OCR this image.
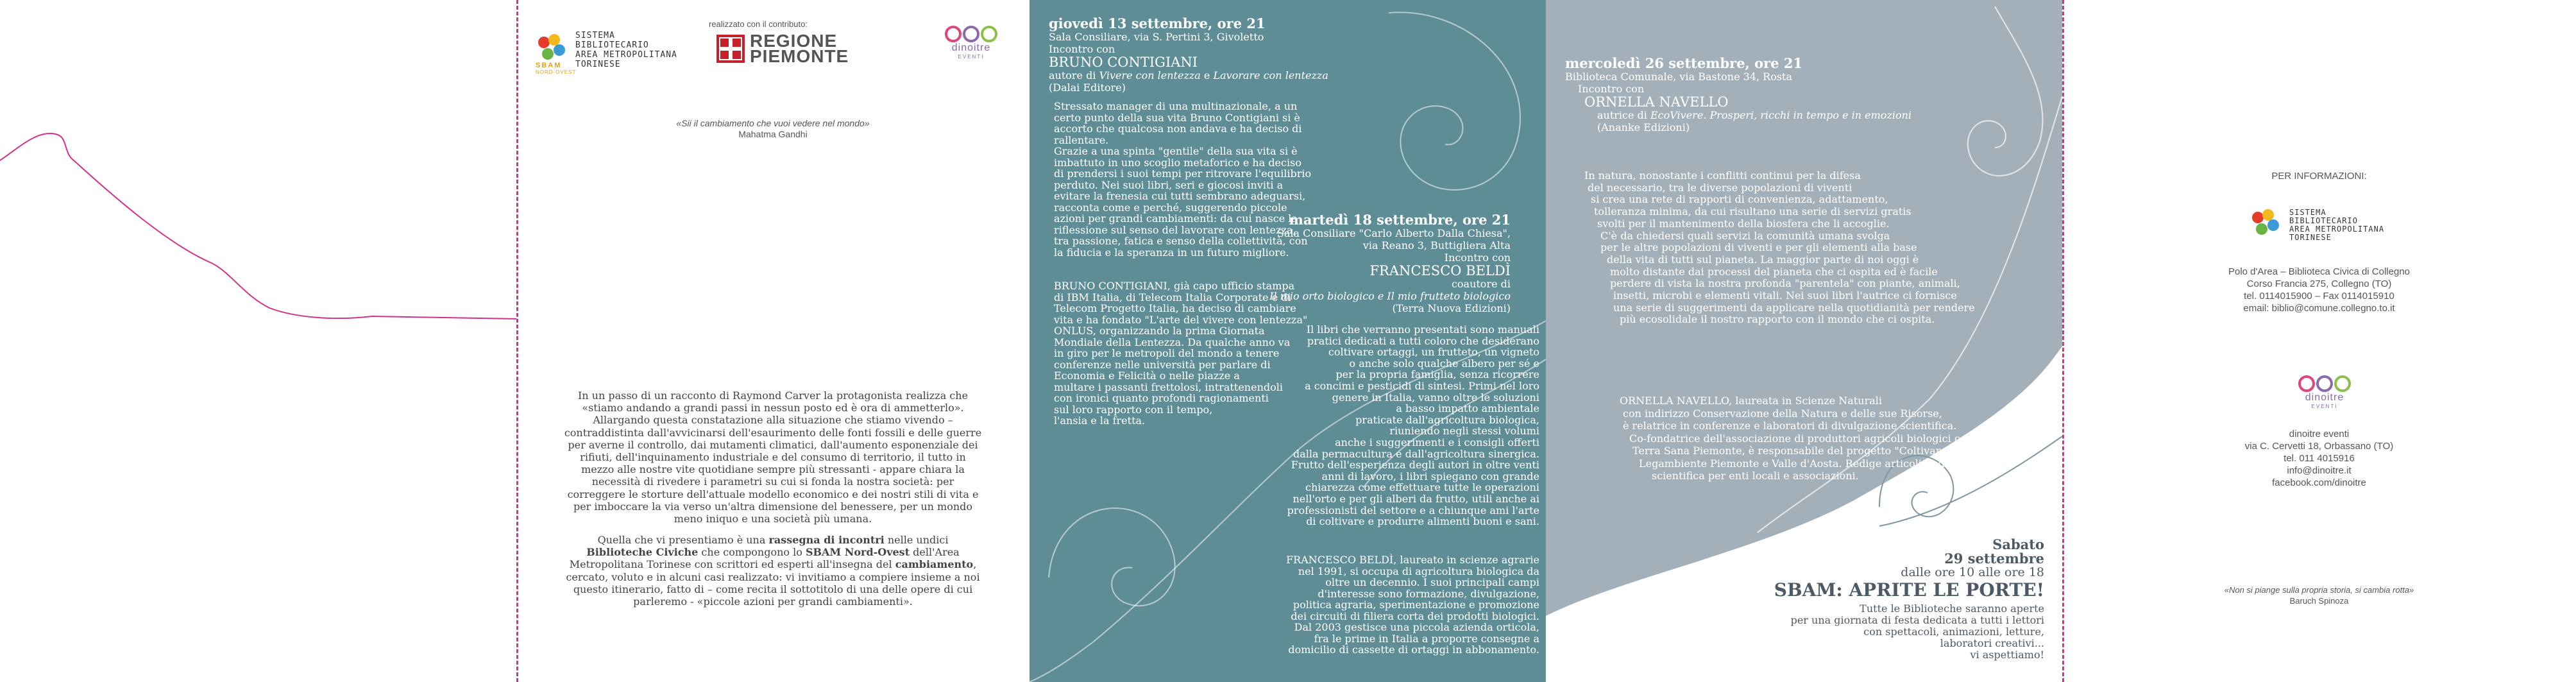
SISTEMA
BIBLIOTECARIO
AREA METROPOLITANA
TORINESE
SBAM
NORD-OVEST
realizzato con il contributo:
REGIONE
PIEMONTE	dinoitre
EVENTI
«Sii il cambiamento che vuoi vedere nel mondo»
Mahatma Gandhi

In un passo di un racconto di Raymond Carver la protagonista realizza che

«stiamo andando a grandi passi in nessun posto ed è ora di ammetterlo».

Allargando questa constatazione alla situazione che stiamo vivendo –

contraddistinta dall'avvicinarsi dell'esaurimento delle fonti fossili e delle guerre

per averne il controllo, dai mutamenti climatici, dall'aumento esponenziale dei

rifiuti, dell'inquinamento industriale e del consumo di territorio, il tutto in

mezzo alle nostre vite quotidiane sempre più stressanti - appare chiara la

necessità di rivedere i parametri su cui si fonda la nostra società: per

correggere le storture dell'attuale modello economico e dei nostri stili di vita e

per imboccare la via verso un'altra dimensione del benessere, per un mondo

meno iniquo e una società più umana.

Quella che vi presentiamo è una rassegna di incontri nelle undici

Biblioteche Civiche che compongono lo SBAM Nord-Ovest dell'Area

Metropolitana Torinese con scrittori ed esperti all'insegna del cambiamento,

cercato, voluto e in alcuni casi realizzato: vi invitiamo a compiere insieme a noi

questo itinerario, fatto di – come recita il sottotitolo di una delle opere di cui

parleremo - «piccole azioni per grandi cambiamenti».

giovedì 13 settembre, ore 21
Sala Consiliare, via S. Pertini 3, Givoletto
Incontro con
BRUNO CONTIGIANI
autore di Vivere con lentezza e Lavorare con lentezza
(Dalai Editore)

Stressato manager di una multinazionale, a un

certo punto della sua vita Bruno Contigiani si è

accorto che qualcosa non andava e ha deciso di

rallentare.

Grazie a una spinta "gentile" della sua vita si è

imbattuto in uno scoglio metaforico e ha deciso

di prendersi i suoi tempi per ritrovare l'equilibrio

perduto. Nei suoi libri, seri e giocosi inviti a

evitare la frenesia cui tutti sembrano adeguarsi,

racconta come e perché, suggerendo piccole

azioni per grandi cambiamenti: da cui nasce la

riflessione sul senso del lavorare con lentezza,

tra passione, fatica e senso della collettività, con

la fiducia e la speranza in un futuro migliore.

BRUNO CONTIGIANI, già capo ufficio stampa

di IBM Italia, di Telecom Italia Corporate e di

Telecom Progetto Italia, ha deciso di cambiare

vita e ha fondato "L'arte del vivere con lentezza"

ONLUS, organizzando la prima Giornata

Mondiale della Lentezza. Da qualche anno va

in giro per le metropoli del mondo a tenere

conferenze nelle università per parlare di

Economia e Felicità o nelle piazze a

multare i passanti frettolosi, intrattenendoli

con ironici quanto profondi ragionamenti

sul loro rapporto con il tempo,

l'ansia e la fretta.

martedì 18 settembre, ore 21
Sala Consiliare "Carlo Alberto Dalla Chiesa",
via Reano 3, Buttigliera Alta
Incontro con
FRANCESCO BELDÌ
coautore di
Il mio orto biologico e Il mio frutteto biologico
(Terra Nuova Edizioni)

Il libri che verranno presentati sono manuali

pratici dedicati a tutti coloro che desiderano

coltivare ortaggi, un frutteto, un vigneto

o anche solo qualche albero per sé e

per la propria famiglia, senza ricorrere

a concimi e pesticidi di sintesi. Primi nel loro

genere in Italia, vanno oltre le soluzioni

a basso impatto ambientale

praticate dall'agricoltura biologica,

riuniendo negli stessi volumi

anche i suggerimenti e i consigli offerti

dalla permacultura e dall'agricoltura sinergica.

Frutto dell'esperienza degli autori in oltre venti

anni di lavoro, i libri spiegano con grande

chiarezza come effettuare tutte le operazioni

nell'orto e per gli alberi da frutto, utili anche ai

professionisti del settore e a chiunque ami l'arte

di coltivare e produrre alimenti buoni e sani.

FRANCESCO BELDÌ, laureato in scienze agrarie

nel 1991, si occupa di agricoltura biologica da

oltre un decennio. I suoi principali campi

d'interesse sono formazione, divulgazione,

politica agraria, sperimentazione e promozione

dei circuiti di filiera corta dei prodotti biologici.

Dal 2003 gestisce una piccola azienda orticola,

fra le prime in Italia a proporre consegne a

domicilio di cassette di ortaggi in abbonamento.

mercoledì 26 settembre, ore 21
Biblioteca Comunale, via Bastone 34, Rosta
Incontro con
ORNELLA NAVELLO
autrice di EcoVivere. Prosperi, ricchi in tempo e in emozioni
(Ananke Edizioni)

In natura, nonostante i conflitti continui per la difesa

del necessario, tra le diverse popolazioni di viventi

si crea una rete di rapporti di convenienza, adattamento,

tolleranza minima, da cui risultano una serie di servizi gratis

svolti per il mantenimento della biosfera che li accoglie.

C'è da chiedersi quali servizi la comunità umana svolga

per le altre popolazioni di viventi e per gli elementi alla base

della vita di tutti sul pianeta. La maggior parte di noi oggi è

molto distante dai processi del pianeta che ci ospita ed è facile

perdere di vista la nostra profonda "parentela" con piante, animali,

insetti, microbi e elementi vitali. Nei suoi libri l'autrice ci fornisce

una serie di suggerimenti da applicare nella quotidianità per rendere

più ecosolidale il nostro rapporto con il mondo che ci ospita.

ORNELLA NAVELLO, laureata in Scienze Naturali

con indirizzo Conservazione della Natura e delle sue Risorse,

è relatrice in conferenze e laboratori di divulgazione scientifica.

Co-fondatrice dell'associazione di produttori agricoli biologici certificati

Terra Sana Piemonte, è responsabile del progetto "Coltivare Natura" per

Legambiente Piemonte e Valle d'Aosta. Redige articoli di divulgazione

scientifica per enti locali e associazioni.

Sabato
29 settembre
dalle ore 10 alle ore 18
SBAM: APRITE LE PORTE!

Tutte le Biblioteche saranno aperte

per una giornata di festa dedicata a tutti i lettori

con spettacoli, animazioni, letture,

laboratori creativi...

vi aspettiamo!

PER INFORMAZIONI:
SISTEMA
BIBLIOTECARIO
AREA METROPOLITANA
TORINESE

Polo d'Area – Biblioteca Civica di Collegno

Corso Francia 275, Collegno (TO)

tel. 0114015900 – Fax 0114015910

email: biblio@comune.collegno.to.it

dinoitre
EVENTI

dinoitre eventi

via C. Cervetti 18, Orbassano (TO)

tel. 011 4015916

info@dinoitre.it

facebook.com/dinoitre

«Non si piange sulla propria storia, si cambia rotta»
Baruch Spinoza
